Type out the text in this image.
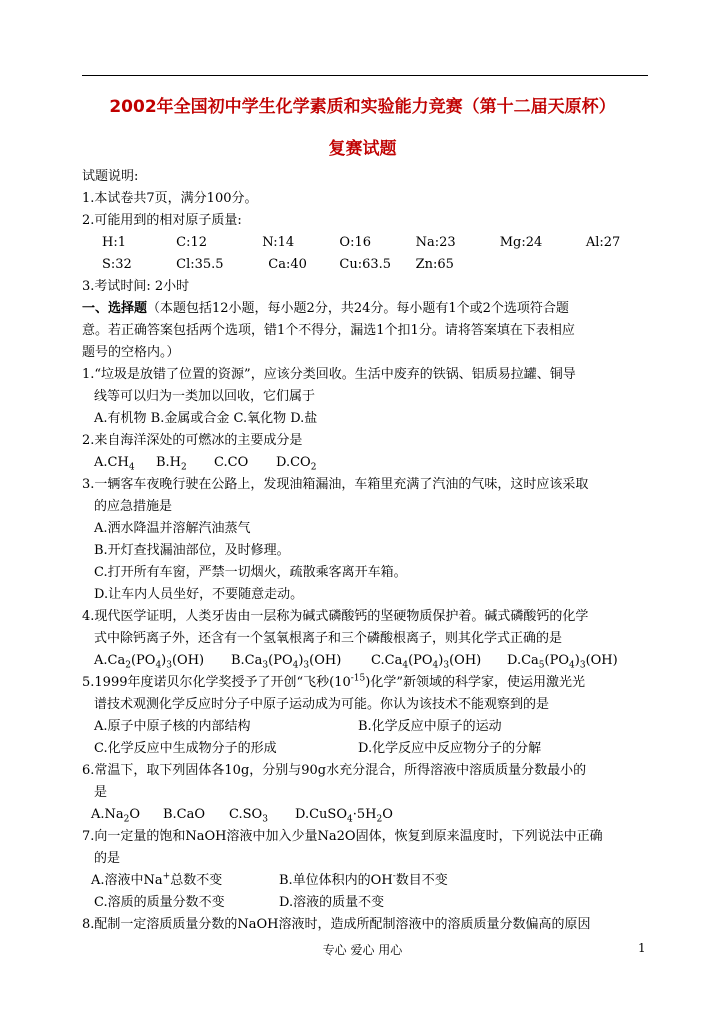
2002年全国初中学生化学素质和实验能力竞赛（第十二届天原杯）
复赛试题
试题说明:
1.本试卷共7页，满分100分。
2.可能用到的相对原子质量:
H:1	C:12	N:14	O:16	Na:23	Mg:24	Al:27
S:32	Cl:35.5	Ca:40	Cu:63.5 Zn:65
3.考试时间: 2小时
一、选择题（本题包括12小题，每小题2分，共24分。每小题有1个或2个选项符合题
意。若正确答案包括两个选项，错1个不得分，漏选1个扣1分。请将答案填在下表相应
题号的空格内。）
1.“垃圾是放错了位置的资源”，应该分类回收。生活中废弃的铁锅、铝质易拉罐、铜导
线等可以归为一类加以回收，它们属于
A.有机物 B.金属或合金 C.氧化物 D.盐
2.来自海洋深处的可燃冰的主要成分是
$A.CH_4$ $B.H_2$ C.CO $D.CO_2$
3.一辆客车夜晚行驶在公路上，发现油箱漏油，车箱里充满了汽油的气味，这时应该采取
的应急措施是
A.洒水降温并溶解汽油蒸气
B.开灯查找漏油部位，及时修理。
C.打开所有车窗，严禁一切烟火，疏散乘客离开车箱。
D.让车内人员坐好，不要随意走动。
4.现代医学证明，人类牙齿由一层称为碱式磷酸钙的坚硬物质保护着。碱式磷酸钙的化学
式中除钙离子外，还含有一个氢氧根离子和三个磷酸根离子，则其化学式正确的是
$A.Ca_2(PO_4)_3(OH)$ $B.Ca_3(PO_4)_3(OH)$ $C.Ca_4(PO_4)_3(OH)$ $D.Ca_5(PO_4)_3(OH)$
5.1999年度诺贝尔化学奖授予了开创“飞秒$(10^{-15})$化学”新领域的科学家，使运用激光光
谱技术观测化学反应时分子中原子运动成为可能。你认为该技术不能观察到的是
A.原子中原子核的内部结构	B.化学反应中原子的运动
C.化学反应中生成物分子的形成	D.化学反应中反应物分子的分解
6.常温下，取下列固体各10g，分别与90g水充分混合，所得溶液中溶质质量分数最小的
是
$A.Na_2O$ B.CaO $C.SO_3$ $D.CuSO_4\cdot 5H_2O$
7.向一定量的饱和NaOH溶液中加入少量Na2O固体，恢复到原来温度时，下列说法中正确
的是
A.溶液中Na+总数不变	B.单位体积内的OH-数目不变
C.溶质的质量分数不变	D.溶液的质量不变
8.配制一定溶质质量分数的NaOH溶液时，造成所配制溶液中的溶质质量分数偏高的原因
专心 爱心 用心	1
